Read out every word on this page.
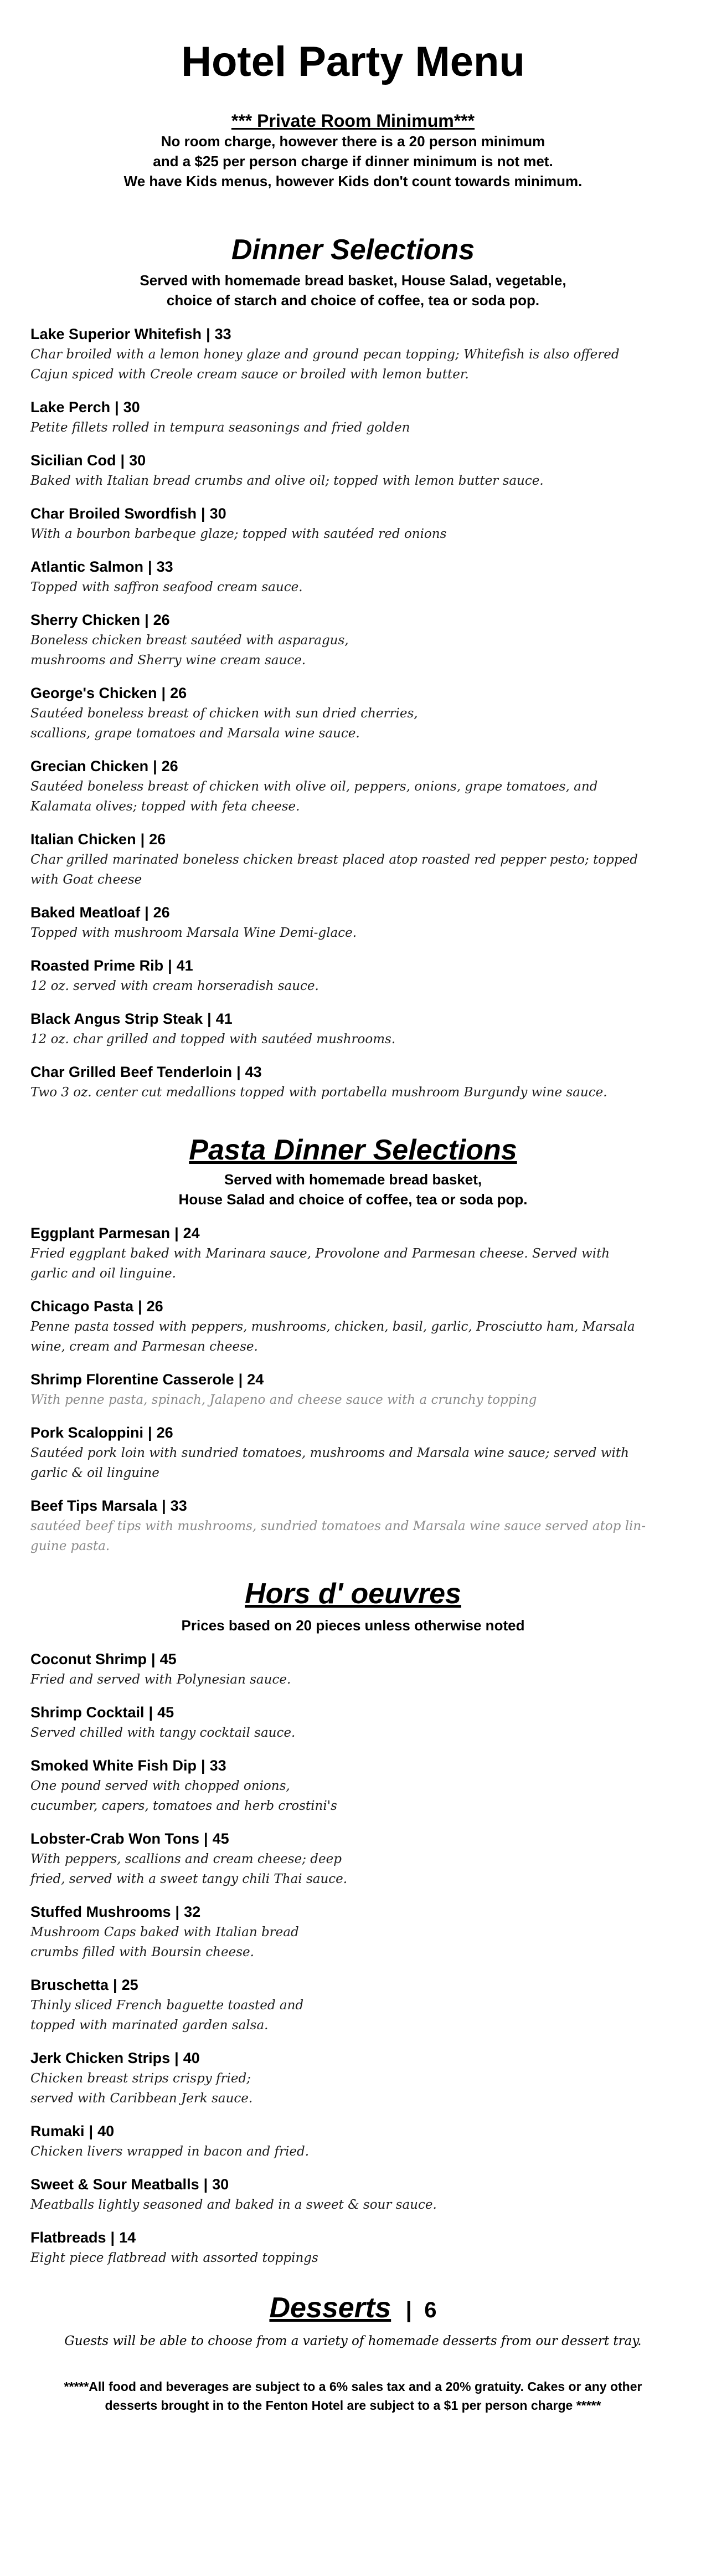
Hotel Party Menu
*** Private Room Minimum***
No room charge, however there is a 20 person minimum
and a $25 per person charge if dinner minimum is not met.
We have Kids menus, however Kids don't count towards minimum.
Dinner Selections
Served with homemade bread basket, House Salad, vegetable,
choice of starch and choice of coffee, tea or soda pop.
Lake Superior Whitefish | 33
Char broiled with a lemon honey glaze and ground pecan topping; Whitefish is also offered
Cajun spiced with Creole cream sauce or broiled with lemon butter.
Lake Perch | 30
Petite fillets rolled in tempura seasonings and fried golden
Sicilian Cod | 30
Baked with Italian bread crumbs and olive oil; topped with lemon butter sauce.
Char Broiled Swordfish | 30
With a bourbon barbeque glaze; topped with sautéed red onions
Atlantic Salmon | 33
Topped with saffron seafood cream sauce.
Sherry Chicken | 26
Boneless chicken breast sautéed with asparagus,
mushrooms and Sherry wine cream sauce.
George's Chicken | 26
Sautéed boneless breast of chicken with sun dried cherries,
scallions, grape tomatoes and Marsala wine sauce.
Grecian Chicken | 26
Sautéed boneless breast of chicken with olive oil, peppers, onions, grape tomatoes, and
Kalamata olives; topped with feta cheese.
Italian Chicken | 26
Char grilled marinated boneless chicken breast placed atop roasted red pepper pesto; topped
with Goat cheese
Baked Meatloaf | 26
Topped with mushroom Marsala Wine Demi-glace.
Roasted Prime Rib | 41
12 oz. served with cream horseradish sauce.
Black Angus Strip Steak | 41
12 oz. char grilled and topped with sautéed mushrooms.
Char Grilled Beef Tenderloin | 43
Two 3 oz. center cut medallions topped with portabella mushroom Burgundy wine sauce.
Pasta Dinner Selections
Served with homemade bread basket,
House Salad and choice of coffee, tea or soda pop.
Eggplant Parmesan | 24
Fried eggplant baked with Marinara sauce, Provolone and Parmesan cheese. Served with
garlic and oil linguine.
Chicago Pasta | 26
Penne pasta tossed with peppers, mushrooms, chicken, basil, garlic, Prosciutto ham, Marsala
wine, cream and Parmesan cheese.
Shrimp Florentine Casserole | 24
With penne pasta, spinach, Jalapeno and cheese sauce with a crunchy topping
Pork Scaloppini | 26
Sautéed pork loin with sundried tomatoes, mushrooms and Marsala wine sauce; served with
garlic & oil linguine
Beef Tips Marsala | 33
sautéed beef tips with mushrooms, sundried tomatoes and Marsala wine sauce served atop lin-
guine pasta.
Hors d' oeuvres
Prices based on 20 pieces unless otherwise noted
Coconut Shrimp | 45
Fried and served with Polynesian sauce.
Shrimp Cocktail | 45
Served chilled with tangy cocktail sauce.
Smoked White Fish Dip | 33
One pound served with chopped onions,
cucumber, capers, tomatoes and herb crostini's
Lobster-Crab Won Tons | 45
With peppers, scallions and cream cheese; deep
fried, served with a sweet tangy chili Thai sauce.
Stuffed Mushrooms | 32
Mushroom Caps baked with Italian bread
crumbs filled with Boursin cheese.
Bruschetta | 25
Thinly sliced French baguette toasted and
topped with marinated garden salsa.
Jerk Chicken Strips | 40
Chicken breast strips crispy fried;
served with Caribbean Jerk sauce.
Rumaki | 40
Chicken livers wrapped in bacon and fried.
Sweet & Sour Meatballs | 30
Meatballs lightly seasoned and baked in a sweet & sour sauce.
Flatbreads | 14
Eight piece flatbread with assorted toppings
Desserts | 6
Guests will be able to choose from a variety of homemade desserts from our dessert tray.
*****All food and beverages are subject to a 6% sales tax and a 20% gratuity. Cakes or any other desserts brought in to the Fenton Hotel are subject to a $1 per person charge *****
